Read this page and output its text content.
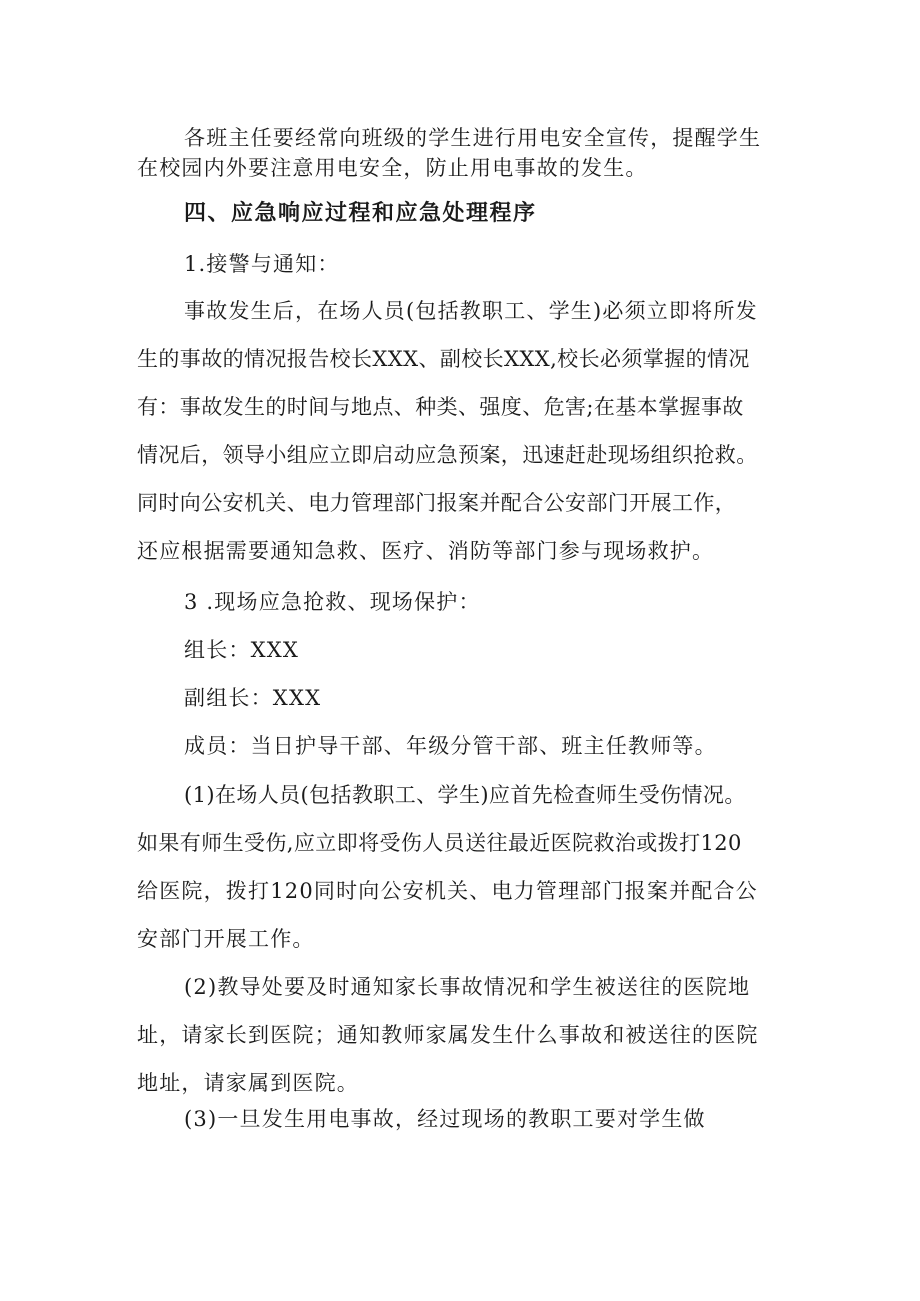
各班主任要经常向班级的学生进行用电安全宣传，提醒学生
在校园内外要注意用电安全，防止用电事故的发生。
四、应急响应过程和应急处理程序
1.接警与通知：
事故发生后，在场人员(包括教职工、学生)必须立即将所发
生的事故的情况报告校长XXX、副校长XXX,校长必须掌握的情况
有：事故发生的时间与地点、种类、强度、危害;在基本掌握事故
情况后，领导小组应立即启动应急预案，迅速赶赴现场组织抢救。
同时向公安机关、电力管理部门报案并配合公安部门开展工作，
还应根据需要通知急救、医疗、消防等部门参与现场救护。
3 .现场应急抢救、现场保护：
组长：XXX
副组长：XXX
成员：当日护导干部、年级分管干部、班主任教师等。
(1)在场人员(包括教职工、学生)应首先检查师生受伤情况。
如果有师生受伤,应立即将受伤人员送往最近医院救治或拨打120
给医院，拨打120同时向公安机关、电力管理部门报案并配合公
安部门开展工作。
(2)教导处要及时通知家长事故情况和学生被送往的医院地
址，请家长到医院；通知教师家属发生什么事故和被送往的医院
地址，请家属到医院。
(3)一旦发生用电事故，经过现场的教职工要对学生做
